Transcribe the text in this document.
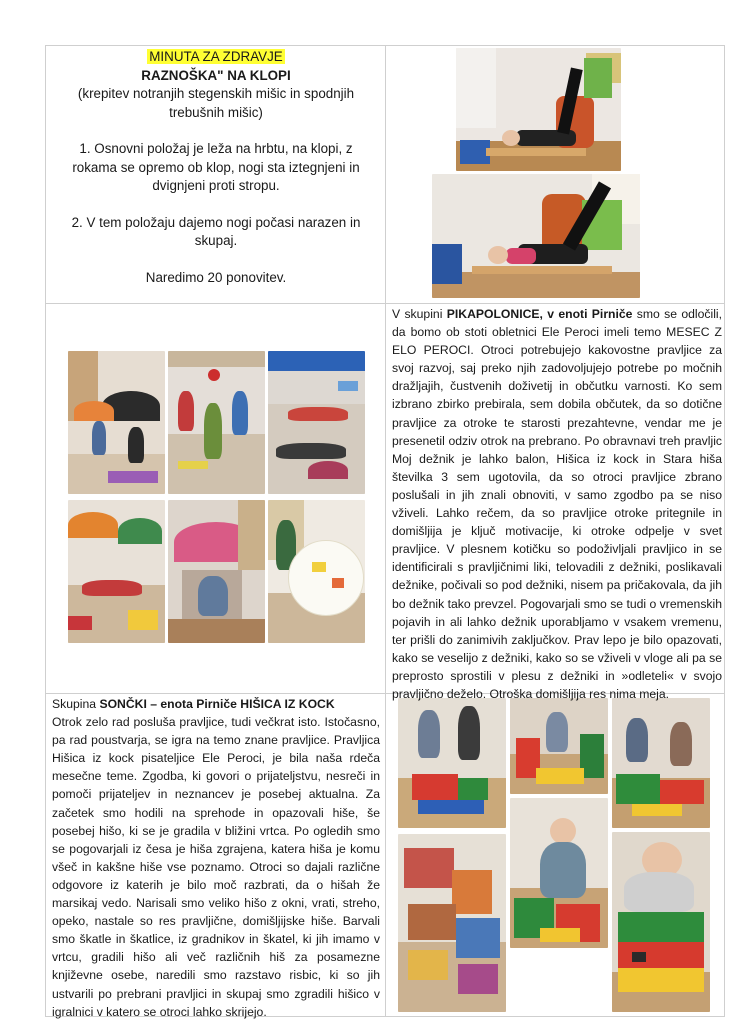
MINUTA ZA ZDRAVJE

RAZNOŠKA" NA KLOPI

(krepitev notranjih stegenskih mišic in spodnjih trebušnih mišic)

1. Osnovni položaj je leža na hrbtu, na klopi, z rokama se opremo ob klop, nogi sta iztegnjeni in dvignjeni proti stropu.

2. V tem položaju dajemo nogi počasi narazen in skupaj.

Naredimo 20 ponovitev.

V skupini PIKAPOLONICE, v enoti Pirniče smo se odločili, da bomo ob stoti obletnici Ele Peroci imeli temo MESEC Z ELO PEROCI. Otroci potrebujejo kakovostne pravljice za svoj razvoj, saj preko njih zadovoljujejo potrebe po močnih dražljajih, čustvenih doživetij in občutku varnosti. Ko sem izbrano zbirko prebirala, sem dobila občutek, da so dotične pravljice za otroke te starosti prezahtevne, vendar me je presenetil odziv otrok na prebrano. Po obravnavi treh pravljic Moj dežnik je lahko balon, Hišica iz kock in Stara hiša številka 3 sem ugotovila, da so otroci pravljice zbrano poslušali in jih znali obnoviti, v samo zgodbo pa se niso vživeli. Lahko rečem, da so pravljice otroke pritegnile in domišljija je ključ motivacije, ki otroke odpelje v svet pravljice. V plesnem kotičku so podoživljali pravljico in se identificirali s pravljičnimi liki, telovadili z dežniki, poslikavali dežnike, počivali so pod dežniki, nisem pa pričakovala, da jih bo dežnik tako prevzel. Pogovarjali smo se tudi o vremenskih pojavih in ali lahko dežnik uporabljamo v vsakem vremenu, ter prišli do zanimivih zaključkov. Prav lepo je bilo opazovati, kako se veselijo z dežniki, kako so se vživeli v vloge ali pa se preprosto sprostili v plesu z dežniki in »odleteli« v svojo pravljično deželo. Otroška domišljija res nima meja.

Skupina SONČKI – enota Pirniče HIŠICA IZ KOCK

Otrok zelo rad posluša pravljice, tudi večkrat isto. Istočasno, pa rad poustvarja, se igra na temo znane pravljice. Pravljica Hišica iz kock pisateljice Ele Peroci, je bila naša rdeča mesečne teme. Zgodba, ki govori o prijateljstvu, nesreči in pomoči prijateljev in neznancev je posebej aktualna. Za začetek smo hodili na sprehode in opazovali hiše, še posebej hišo, ki se je gradila v bližini vrtca. Po ogledih smo se pogovarjali iz česa je hiša zgrajena, katera hiša je komu všeč in kakšne hiše vse poznamo. Otroci so dajali različne odgovore iz katerih je bilo moč razbrati, da o hišah že marsikaj vedo. Narisali smo veliko hišo z okni, vrati, streho, opeko, nastale so res pravljične, domišljijske hiše. Barvali smo škatle in škatlice, iz gradnikov in škatel, ki jih imamo v vrtcu, gradili hišo ali več različnih hiš za posamezne književne osebe, naredili smo razstavo risbic, ki so jih ustvarili po prebrani pravljici in skupaj smo zgradili hišico v igralnici v katero se otroci lahko skrijejo.
